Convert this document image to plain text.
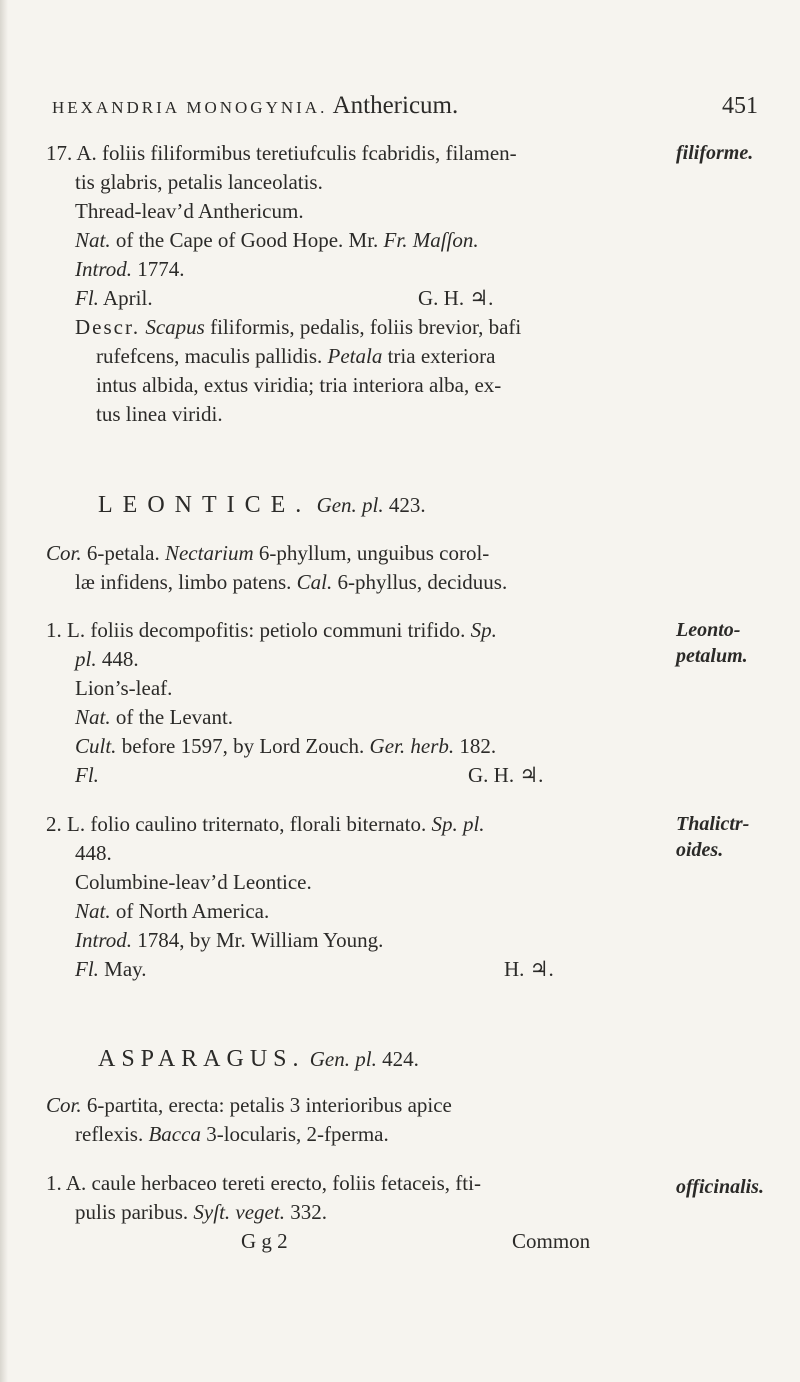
HEXANDRIA MONOGYNIA. Anthericum.	451
17. A. foliis filiformibus teretiufculis fcabridis, filamen-	filiforme.
tis glabris, petalis lanceolatis.
Thread-leav’d Anthericum.
Nat. of the Cape of Good Hope. Mr. Fr. Maſſon.
Introd. 1774.
Fl. April.	G. H. ♃.
Descr. Scapus filiformis, pedalis, foliis brevior, bafi
rufefcens, maculis pallidis. Petala tria exteriora
intus albida, extus viridia; tria interiora alba, ex-
tus linea viridi.
LEONTICE. Gen. pl. 423.
Cor. 6-petala. Nectarium 6-phyllum, unguibus corol-
læ infidens, limbo patens. Cal. 6-phyllus, deciduus.
1. L. foliis decompofitis: petiolo communi trifido. Sp.	Leonto-
petalum.
pl. 448.
Lion’s-leaf.
Nat. of the Levant.
Cult. before 1597, by Lord Zouch. Ger. herb. 182.
Fl.	G. H. ♃.
2. L. folio caulino triternato, florali biternato. Sp. pl.	Thalictr-
oides.
448.
Columbine-leav’d Leontice.
Nat. of North America.
Introd. 1784, by Mr. William Young.
Fl. May.	H. ♃.
ASPARAGUS. Gen. pl. 424.
Cor. 6-partita, erecta: petalis 3 interioribus apice
reflexis. Bacca 3-locularis, 2-fperma.
1. A. caule herbaceo tereti erecto, foliis fetaceis, fti-	officinalis.
pulis paribus. Syſt. veget. 332.
G g 2	Common
